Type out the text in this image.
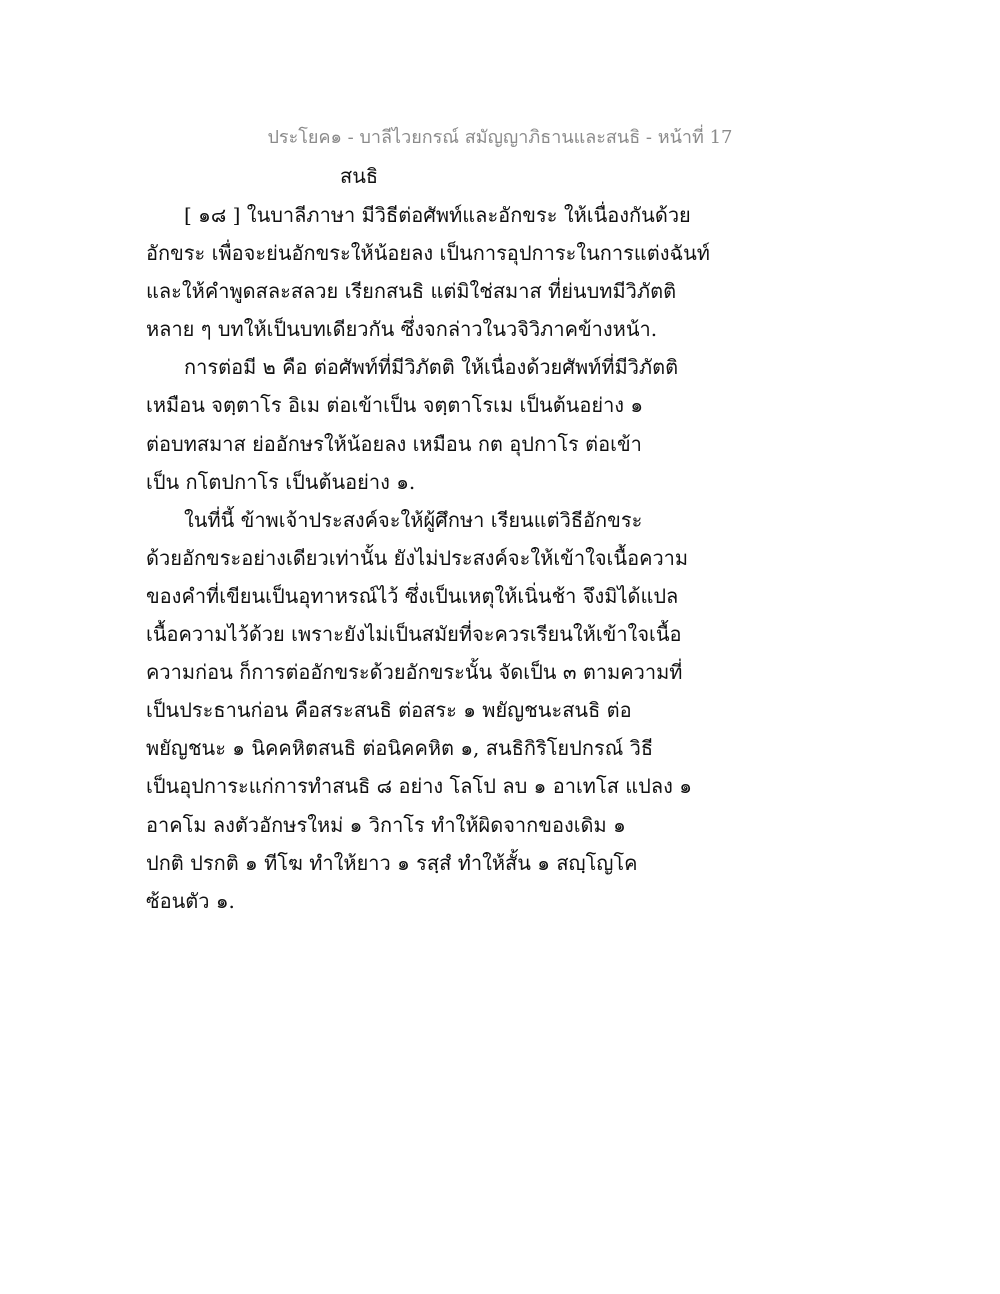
ประโยค๑ - บาลีไวยกรณ์ สมัญญาภิธานและสนธิ - หน้าที่ 17
สนธิ
[ ๑๘ ] ในบาลีภาษา มีวิธีต่อศัพท์และอักขระ ให้เนื่องกันด้วย
อักขระ เพื่อจะย่นอักขระให้น้อยลง เป็นการอุปการะในการแต่งฉันท์
และให้คำพูดสละสลวย เรียกสนธิ แต่มิใช่สมาส ที่ย่นบทมีวิภัตติ
หลาย ๆ บทให้เป็นบทเดียวกัน ซึ่งจกล่าวในวจิวิภาคข้างหน้า.
การต่อมี ๒ คือ ต่อศัพท์ที่มีวิภัตติ ให้เนื่องด้วยศัพท์ที่มีวิภัตติ
เหมือน จตฺตาโร อิเม ต่อเข้าเป็น จตฺตาโรเม เป็นต้นอย่าง ๑
ต่อบทสมาส ย่ออักษรให้น้อยลง เหมือน กต อุปกาโร ต่อเข้า
เป็น กโตปกาโร เป็นต้นอย่าง ๑.
ในที่นี้ ข้าพเจ้าประสงค์จะให้ผู้ศึกษา เรียนแต่วิธีอักขระ
ด้วยอักขระอย่างเดียวเท่านั้น ยังไม่ประสงค์จะให้เข้าใจเนื้อความ
ของคำที่เขียนเป็นอุทาหรณ์ไว้ ซึ่งเป็นเหตุให้เนิ่นช้า จึงมิได้แปล
เนื้อความไว้ด้วย เพราะยังไม่เป็นสมัยที่จะควรเรียนให้เข้าใจเนื้อ
ความก่อน ก็การต่ออักขระด้วยอักขระนั้น จัดเป็น ๓ ตามความที่
เป็นประธานก่อน คือสระสนธิ ต่อสระ ๑ พยัญชนะสนธิ ต่อ
พยัญชนะ ๑ นิคคหิตสนธิ ต่อนิคคหิต ๑, สนธิกิริโยปกรณ์ วิธี
เป็นอุปการะแก่การทำสนธิ ๘ อย่าง โลโป ลบ ๑ อาเทโส แปลง ๑
อาคโม ลงตัวอักษรใหม่ ๑ วิกาโร ทำให้ผิดจากของเดิม ๑
ปกติ ปรกติ ๑ ทีโฆ ทำให้ยาว ๑ รสฺสํ ทำให้สั้น ๑ สญฺโญโค
ซ้อนตัว ๑.
